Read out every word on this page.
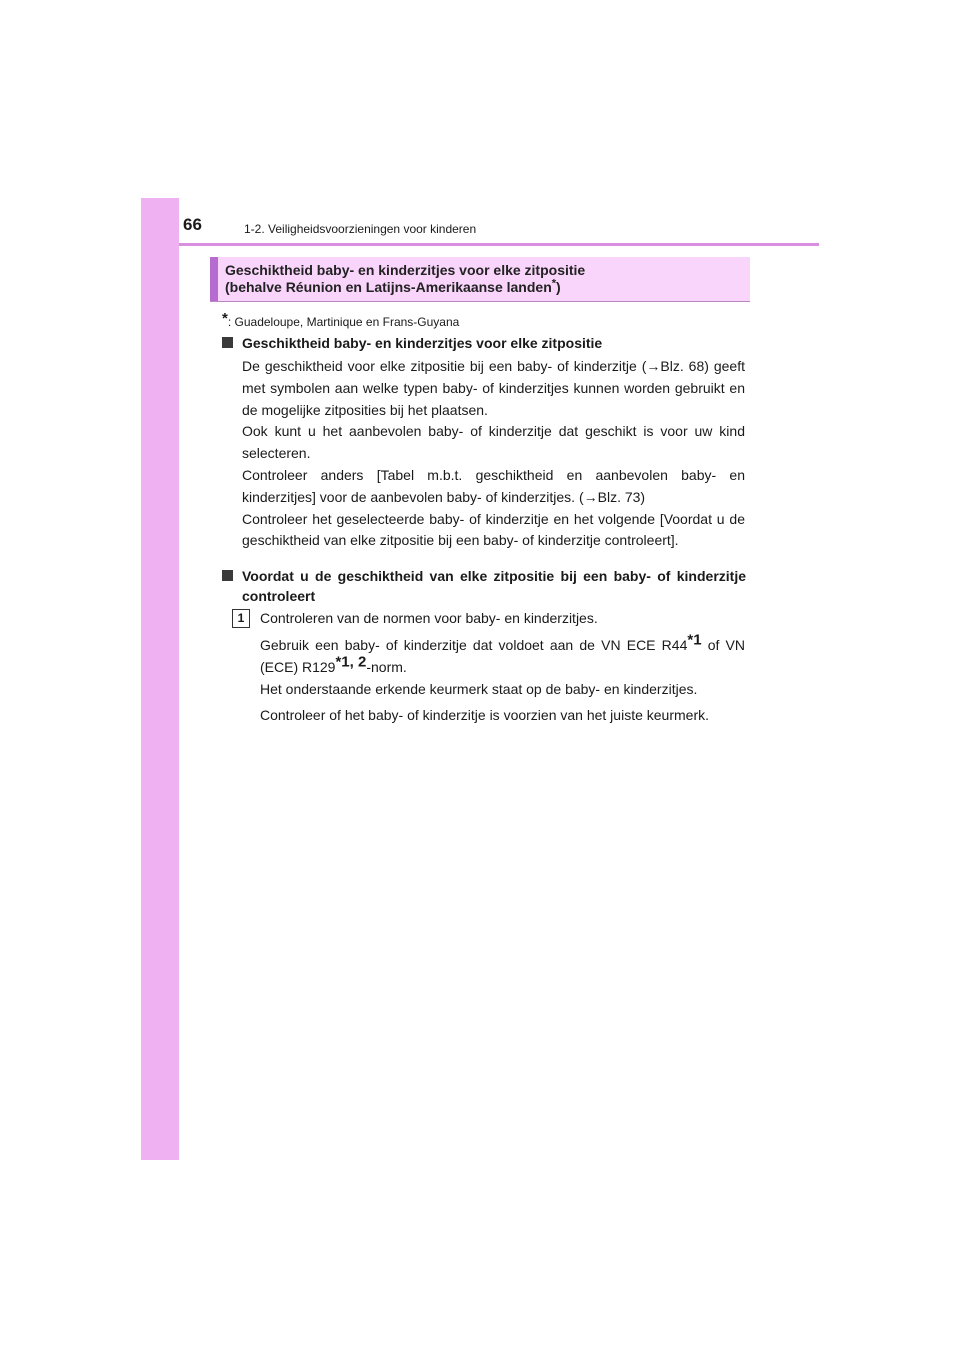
66	1-2. Veiligheidsvoorzieningen voor kinderen
Geschiktheid baby- en kinderzitjes voor elke zitpositie
(behalve Réunion en Latijns-Amerikaanse landen*)
*: Guadeloupe, Martinique en Frans-Guyana
Geschiktheid baby- en kinderzitjes voor elke zitpositie

De geschiktheid voor elke zitpositie bij een baby- of kinderzitje (→Blz. 68) geeft met symbolen aan welke typen baby- of kinderzitjes kunnen worden gebruikt en de mogelijke zitposities bij het plaatsen.

Ook kunt u het aanbevolen baby- of kinderzitje dat geschikt is voor uw kind selecteren.

Controleer anders [Tabel m.b.t. geschiktheid en aanbevolen baby- en kinderzitjes] voor de aanbevolen baby- of kinderzitjes. (→Blz. 73)

Controleer het geselecteerde baby- of kinderzitje en het volgende [Voordat u de geschiktheid van elke zitpositie bij een baby- of kinderzitje controleert].

Voordat u de geschiktheid van elke zitpositie bij een baby- of kinderzitje controleert
1	Controleren van de normen voor baby- en kinderzitjes.
Gebruik een baby- of kinderzitje dat voldoet aan de VN ECE R44$^{*1}$ of VN (ECE) R129$^{*1, 2}$-norm.
Het onderstaande erkende keurmerk staat op de baby- en kinderzitjes.
Controleer of het baby- of kinderzitje is voorzien van het juiste keurmerk.
